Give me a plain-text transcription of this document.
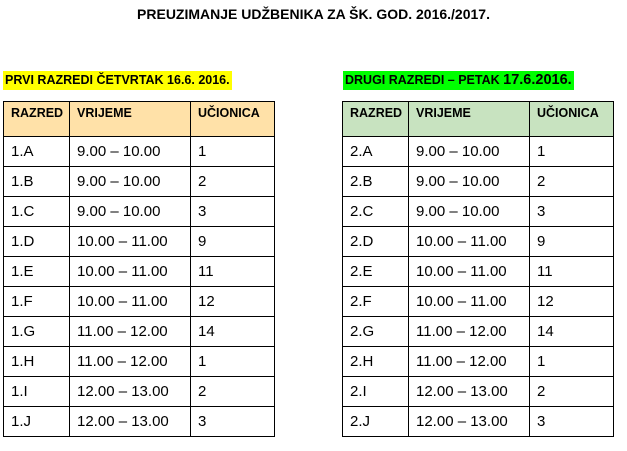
PREUZIMANJE UDŽBENIKA ZA ŠK. GOD. 2016./2017.
PRVI RAZREDI ČETVRTAK 16.6. 2016.	DRUGI RAZREDI – PETAK 17.6.2016.
RAZRED	VRIJEME	UČIONICA
1.A	9.00 – 10.00	1
1.B	9.00 – 10.00	2
1.C	9.00 – 10.00	3
1.D	10.00 – 11.00	9
1.E	10.00 – 11.00	11
1.F	10.00 – 11.00	12
1.G	11.00 – 12.00	14
1.H	11.00 – 12.00	1
1.I	12.00 – 13.00	2
1.J	12.00 – 13.00	3
RAZRED	VRIJEME	UČIONICA
2.A	9.00 – 10.00	1
2.B	9.00 – 10.00	2
2.C	9.00 – 10.00	3
2.D	10.00 – 11.00	9
2.E	10.00 – 11.00	11
2.F	10.00 – 11.00	12
2.G	11.00 – 12.00	14
2.H	11.00 – 12.00	1
2.I	12.00 – 13.00	2
2.J	12.00 – 13.00	3
